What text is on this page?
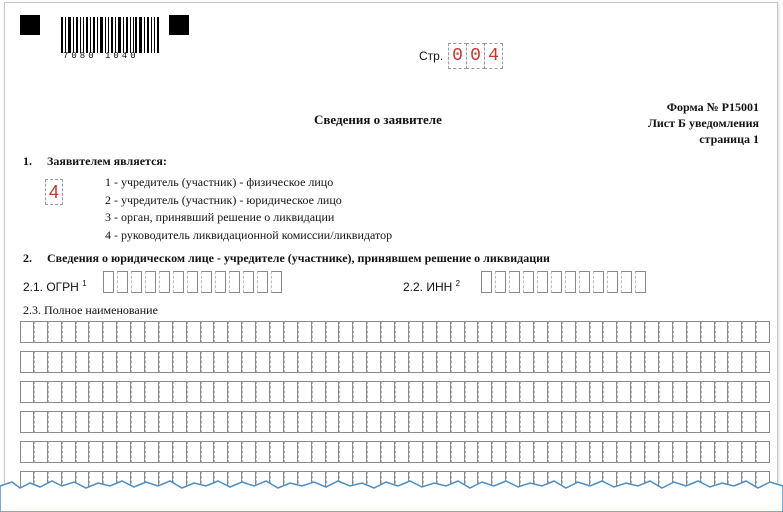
7080 1040	Стр. 0 0 4
Форма № Р15001
Лист Б уведомления
страница 1
Сведения о заявителе
1. Заявителем является:
4	1 - учредитель (участник) - физическое лицо
2 - учредитель (участник) - юридическое лицо
3 - орган, принявший решение о ликвидации
4 - руководитель ликвидационной комиссии/ликвидатор
2. Сведения о юридическом лице - учредителе (участнике), принявшем решение о ликвидации
2.1. ОГРН $^1$	2.2. ИНН $^2$
2.3. Полное наименование
